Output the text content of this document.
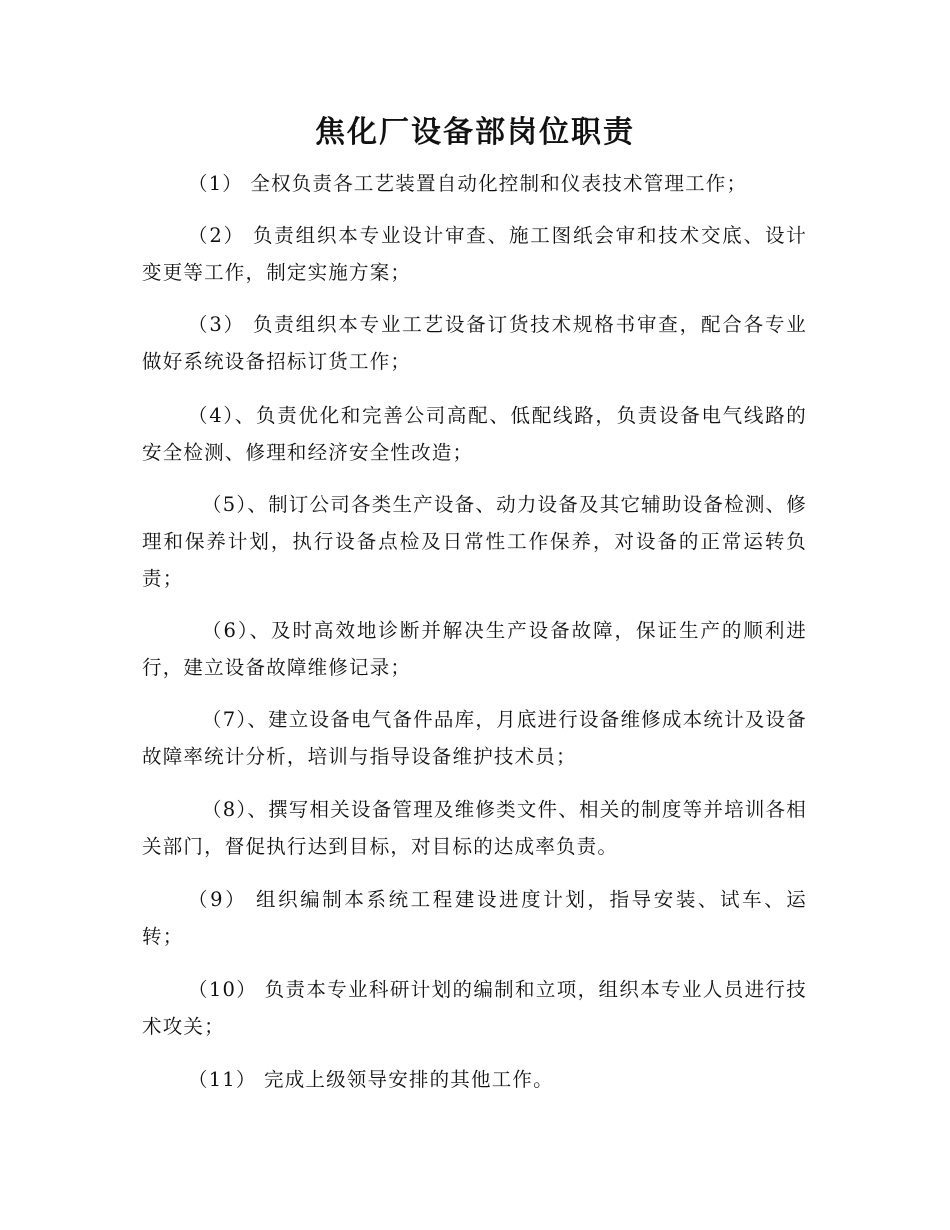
焦化厂设备部岗位职责

（1） 全权负责各工艺装置自动化控制和仪表技术管理工作；

（2） 负责组织本专业设计审查、施工图纸会审和技术交底、设计变更等工作，制定实施方案；

（3） 负责组织本专业工艺设备订货技术规格书审查，配合各专业做好系统设备招标订货工作；

（4）、负责优化和完善公司高配、低配线路，负责设备电气线路的安全检测、修理和经济安全性改造；

（5）、制订公司各类生产设备、动力设备及其它辅助设备检测、修理和保养计划，执行设备点检及日常性工作保养，对设备的正常运转负责；

（6）、及时高效地诊断并解决生产设备故障，保证生产的顺利进行，建立设备故障维修记录；

（7）、建立设备电气备件品库，月底进行设备维修成本统计及设备故障率统计分析，培训与指导设备维护技术员；

（8）、撰写相关设备管理及维修类文件、相关的制度等并培训各相关部门，督促执行达到目标，对目标的达成率负责。

（9） 组织编制本系统工程建设进度计划，指导安装、试车、运转；

（10） 负责本专业科研计划的编制和立项，组织本专业人员进行技术攻关；

（11） 完成上级领导安排的其他工作。
